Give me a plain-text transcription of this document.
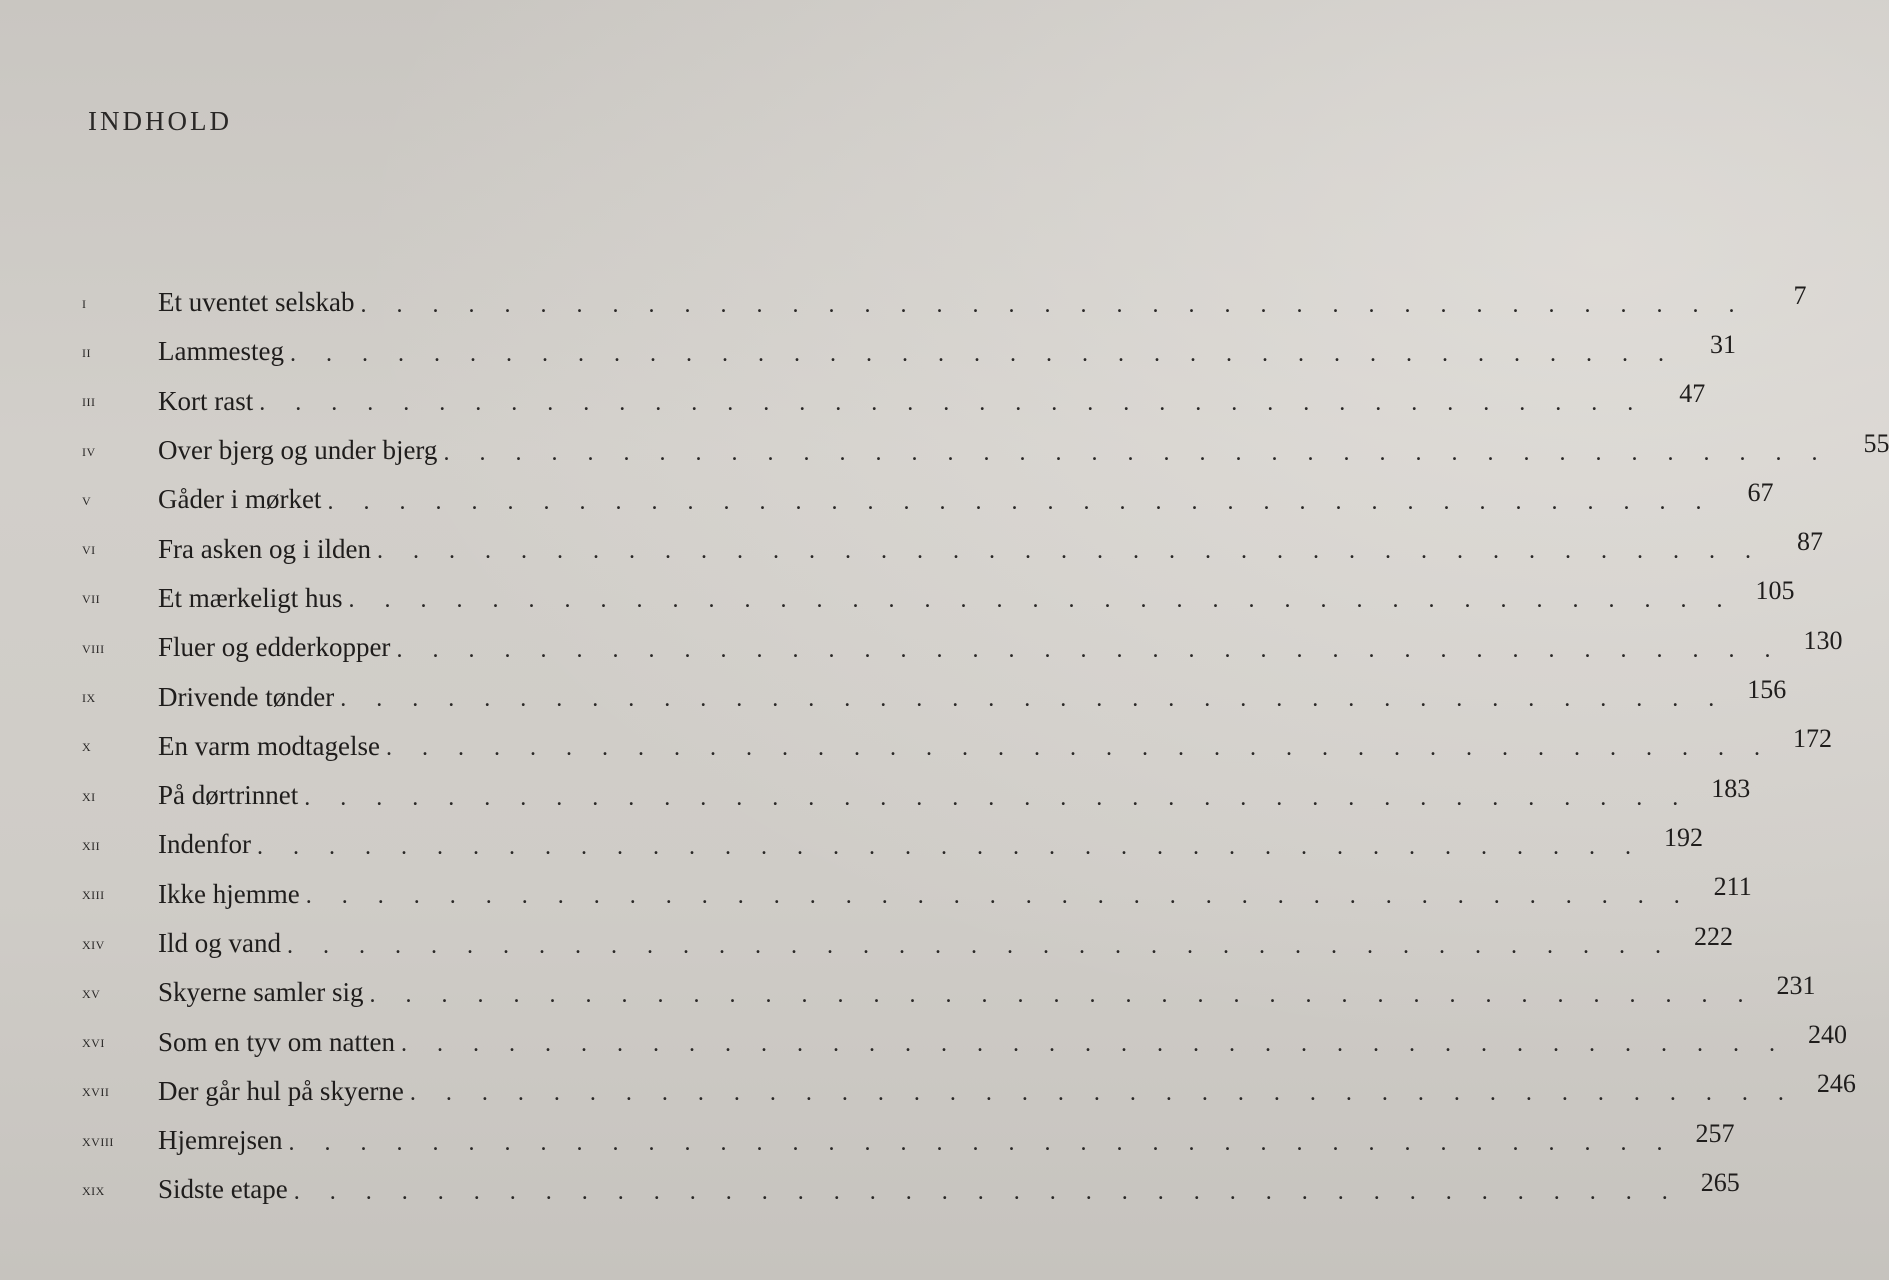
INDHOLD
i	Et uventet selskab . . . . . . . . . . . . . . . . . . . . . . . . . . . . . . . . . . . . . . .	7
ii	Lammesteg . . . . . . . . . . . . . . . . . . . . . . . . . . . . . . . . . . . . . . .	31
iii	Kort rast . . . . . . . . . . . . . . . . . . . . . . . . . . . . . . . . . . . . . . .	47
iv	Over bjerg og under bjerg . . . . . . . . . . . . . . . . . . . . . . . . . . . . . . . . . . . . . . .	55
v	Gåder i mørket . . . . . . . . . . . . . . . . . . . . . . . . . . . . . . . . . . . . . . .	67
vi	Fra asken og i ilden . . . . . . . . . . . . . . . . . . . . . . . . . . . . . . . . . . . . . . .	87
vii	Et mærkeligt hus . . . . . . . . . . . . . . . . . . . . . . . . . . . . . . . . . . . . . . . 105
viii	Fluer og edderkopper . . . . . . . . . . . . . . . . . . . . . . . . . . . . . . . . . . . . . . . 130
ix	Drivende tønder . . . . . . . . . . . . . . . . . . . . . . . . . . . . . . . . . . . . . . . 156
x	En varm modtagelse . . . . . . . . . . . . . . . . . . . . . . . . . . . . . . . . . . . . . . . 172
xi	På dørtrinnet . . . . . . . . . . . . . . . . . . . . . . . . . . . . . . . . . . . . . . . 183
xii	Indenfor . . . . . . . . . . . . . . . . . . . . . . . . . . . . . . . . . . . . . . . 192
xiii	Ikke hjemme . . . . . . . . . . . . . . . . . . . . . . . . . . . . . . . . . . . . . . . 211
xiv	Ild og vand . . . . . . . . . . . . . . . . . . . . . . . . . . . . . . . . . . . . . . . 222
xv	Skyerne samler sig . . . . . . . . . . . . . . . . . . . . . . . . . . . . . . . . . . . . . . . 231
xvi	Som en tyv om natten . . . . . . . . . . . . . . . . . . . . . . . . . . . . . . . . . . . . . . . 240
xvii	Der går hul på skyerne . . . . . . . . . . . . . . . . . . . . . . . . . . . . . . . . . . . . . . . 246
xviii	Hjemrejsen . . . . . . . . . . . . . . . . . . . . . . . . . . . . . . . . . . . . . . . 257
xix	Sidste etape . . . . . . . . . . . . . . . . . . . . . . . . . . . . . . . . . . . . . . . 265
